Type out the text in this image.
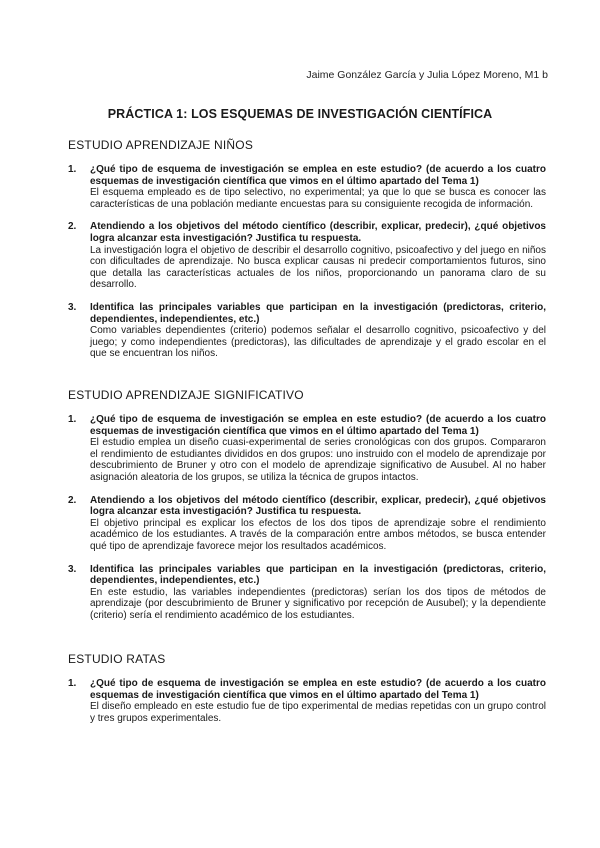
Jaime González García y Julia López Moreno, M1 b
PRÁCTICA 1: LOS ESQUEMAS DE INVESTIGACIÓN CIENTÍFICA
ESTUDIO APRENDIZAJE NIÑOS
1.	¿Qué tipo de esquema de investigación se emplea en este estudio? (de acuerdo a los cuatro esquemas de investigación científica que vimos en el último apartado del Tema 1)
El esquema empleado es de tipo selectivo, no experimental; ya que lo que se busca es conocer las características de una población mediante encuestas para su consiguiente recogida de información.
2.	Atendiendo a los objetivos del método científico (describir, explicar, predecir), ¿qué objetivos logra alcanzar esta investigación? Justifica tu respuesta.
La investigación logra el objetivo de describir el desarrollo cognitivo, psicoafectivo y del juego en niños con dificultades de aprendizaje. No busca explicar causas ni predecir comportamientos futuros, sino que detalla las características actuales de los niños, proporcionando un panorama claro de su desarrollo.
3.	Identifica las principales variables que participan en la investigación (predictoras, criterio, dependientes, independientes, etc.)
Como variables dependientes (criterio) podemos señalar el desarrollo cognitivo, psicoafectivo y del juego; y como independientes (predictoras), las dificultades de aprendizaje y el grado escolar en el que se encuentran los niños.
ESTUDIO APRENDIZAJE SIGNIFICATIVO
1.	¿Qué tipo de esquema de investigación se emplea en este estudio? (de acuerdo a los cuatro esquemas de investigación científica que vimos en el último apartado del Tema 1)
El estudio emplea un diseño cuasi-experimental de series cronológicas con dos grupos. Compararon el rendimiento de estudiantes divididos en dos grupos: uno instruido con el modelo de aprendizaje por descubrimiento de Bruner y otro con el modelo de aprendizaje significativo de Ausubel. Al no haber asignación aleatoria de los grupos, se utiliza la técnica de grupos intactos.
2.	Atendiendo a los objetivos del método científico (describir, explicar, predecir), ¿qué objetivos logra alcanzar esta investigación? Justifica tu respuesta.
El objetivo principal es explicar los efectos de los dos tipos de aprendizaje sobre el rendimiento académico de los estudiantes. A través de la comparación entre ambos métodos, se busca entender qué tipo de aprendizaje favorece mejor los resultados académicos.
3.	Identifica las principales variables que participan en la investigación (predictoras, criterio, dependientes, independientes, etc.)
En este estudio, las variables independientes (predictoras) serían los dos tipos de métodos de aprendizaje (por descubrimiento de Bruner y significativo por recepción de Ausubel); y la dependiente (criterio) sería el rendimiento académico de los estudiantes.
ESTUDIO RATAS
1.	¿Qué tipo de esquema de investigación se emplea en este estudio? (de acuerdo a los cuatro esquemas de investigación científica que vimos en el último apartado del Tema 1)
El diseño empleado en este estudio fue de tipo experimental de medias repetidas con un grupo control y tres grupos experimentales.
